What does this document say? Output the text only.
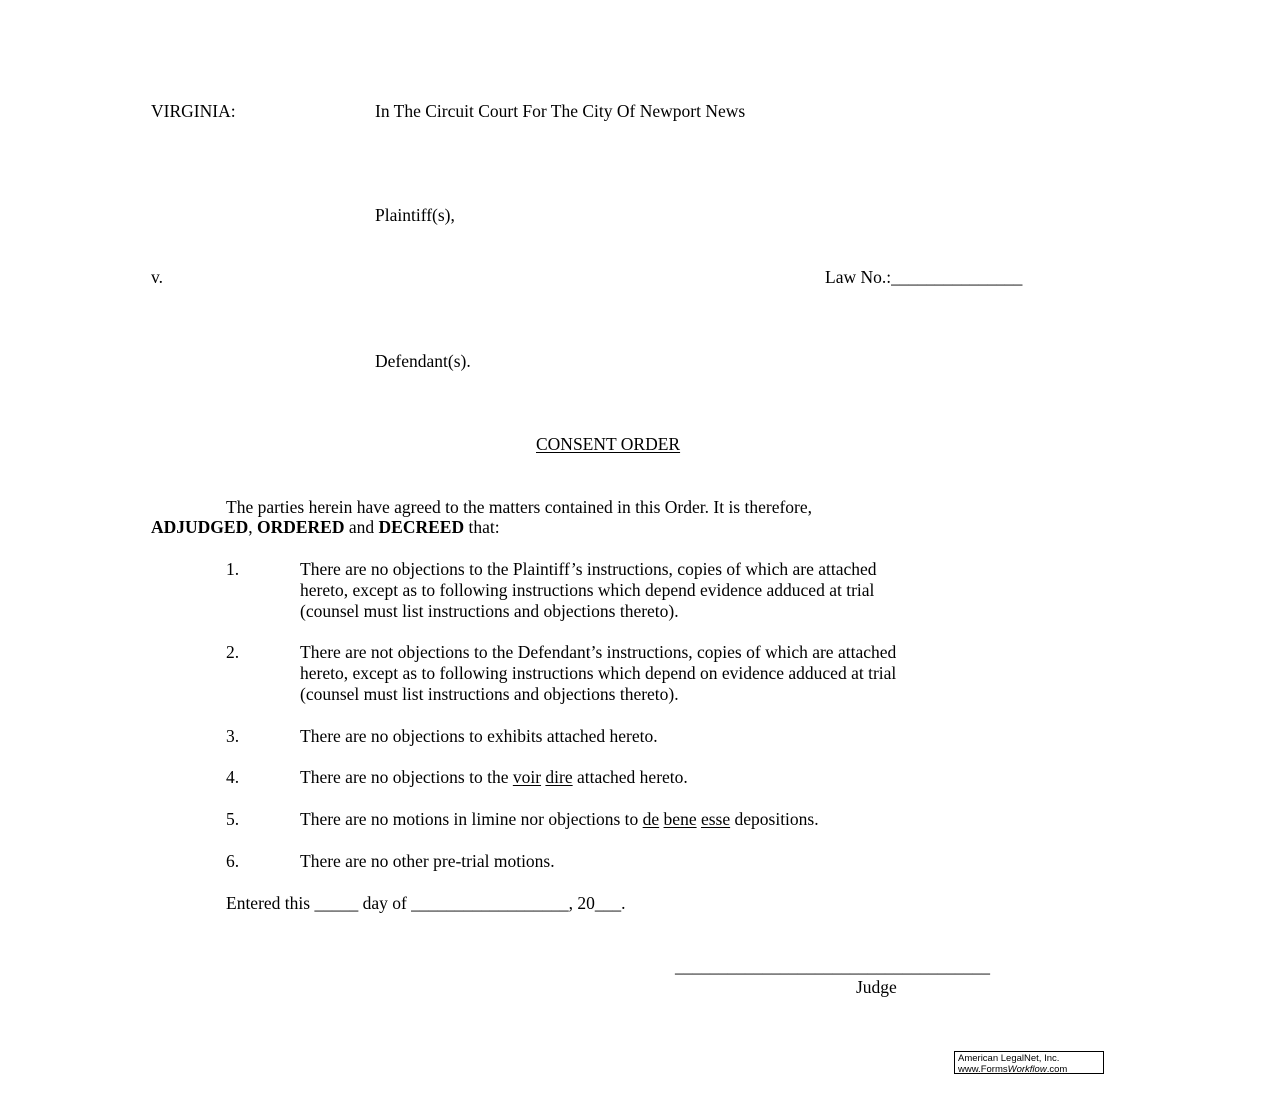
VIRGINIA:	In The Circuit Court For The City Of Newport News
Plaintiff(s),
v.	Law No.:_______________
Defendant(s).
CONSENT ORDER
The parties herein have agreed to the matters contained in this Order. It is therefore,
ADJUDGED, ORDERED and DECREED that:
1.	There are no objections to the Plaintiff’s instructions, copies of which are attached
hereto, except as to following instructions which depend evidence adduced at trial
(counsel must list instructions and objections thereto).
2.	There are not objections to the Defendant’s instructions, copies of which are attached
hereto, except as to following instructions which depend on evidence adduced at trial
(counsel must list instructions and objections thereto).
3.	There are no objections to exhibits attached hereto.
4.	There are no objections to the voir dire attached hereto.
5.	There are no motions in limine nor objections to de bene esse depositions.
6.	There are no other pre-trial motions.
Entered this _____ day of __________________, 20___.
____________________________________
Judge
American LegalNet, Inc.
www.FormsWorkflow.com
